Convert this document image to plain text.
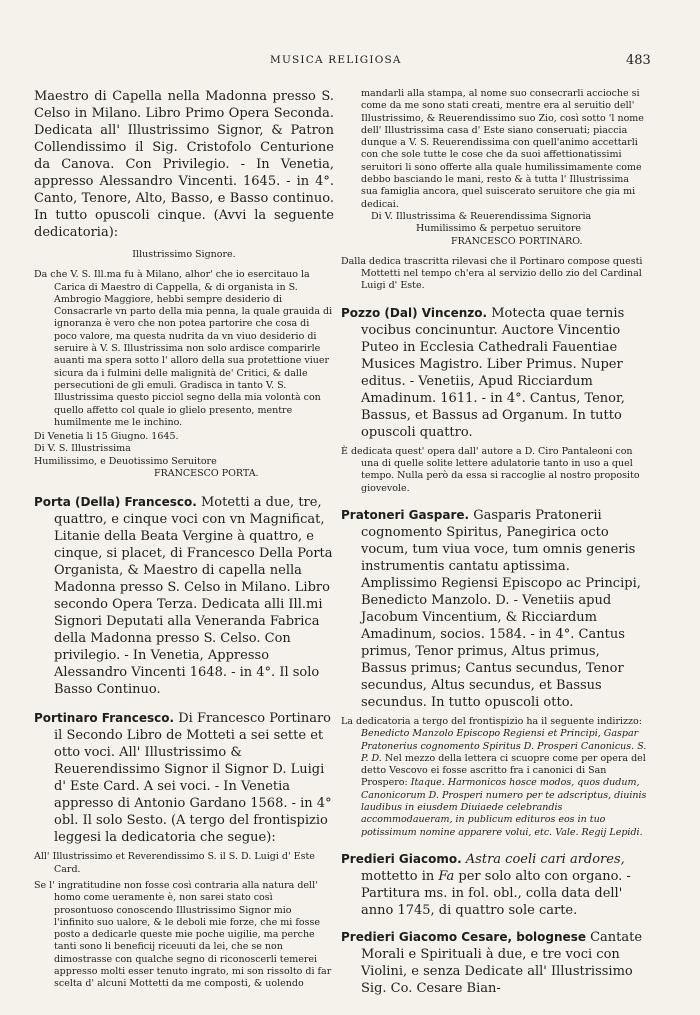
MUSICA RELIGIOSA	483

Maestro di Capella nella Madonna presso S. Celso in Milano. Libro Primo Opera Seconda. Dedicata all' Illustrissimo Signor, & Patron Collendissimo il Sig. Cristofolo Centurione da Canova. Con Privilegio. - In Venetia, appresso Alessandro Vincenti. 1645. - in 4°. Canto, Tenore, Alto, Basso, e Basso continuo. In tutto opuscoli cinque. (Avvi la seguente dedicatoria):

Illustrissimo Signore.

Da che V. S. Ill.ma fu à Milano, alhor' che io esercitauo la Carica di Maestro di Cappella, & di organista in S. Ambrogio Maggiore, hebbi sempre desiderio di Consacrarle vn parto della mia penna, la quale grauida di ignoranza è vero che non potea partorire che cosa di poco valore, ma questa nudrita da vn viuo desiderio di seruire à V. S. Illustrissima non solo ardisce comparirle auanti ma spera sotto l' alloro della sua protettione viuer sicura da i fulmini delle malignità de' Critici, & dalle persecutioni de gli emuli. Gradisca in tanto V. S. Illustrissima questo picciol segno della mia volontà con quello affetto col quale io glielo presento, mentre humilmente me le inchino.

Di Venetia li 15 Giugno. 1645.

Di V. S. Illustrissima

Humilissimo, e Deuotissimo Seruitore

FRANCESCO PORTA.

Porta (Della) Francesco. Motetti a due, tre, quattro, e cinque voci con vn Magnificat, Litanie della Beata Vergine à quattro, e cinque, si placet, di Francesco Della Porta Organista, & Maestro di capella nella Madonna presso S. Celso in Milano. Libro secondo Opera Terza. Dedicata alli Ill.mi Signori Deputati alla Veneranda Fabrica della Madonna presso S. Celso. Con privilegio. - In Venetia, Appresso Alessandro Vincenti 1648. - in 4°. Il solo Basso Continuo.

Portinaro Francesco. Di Francesco Portinaro il Secondo Libro de Motteti a sei sette et otto voci. All' Illustrissimo & Reuerendissimo Signor il Signor D. Luigi d' Este Card. A sei voci. - In Venetia appresso di Antonio Gardano 1568. - in 4° obl. Il solo Sesto. (A tergo del frontispizio leggesi la dedicatoria che segue):

All' Illustrissimo et Reverendissimo S. il S. D. Luigi d' Este Card.

Se l' ingratitudine non fosse così contraria alla natura dell' homo come ueramente è, non sarei stato così prosontuoso conoscendo Illustrissimo Signor mio l'infinito suo ualore, & le deboli mie forze, che mi fosse posto a dedicarle queste mie poche uigilie, ma perche tanti sono li beneficij riceuuti da lei, che se non dimostrasse con qualche segno di riconoscerli temerei appresso molti esser tenuto ingrato, mi son rissolto di far scelta d' alcuni Mottetti da me composti, & uolendo

mandarli alla stampa, al nome suo consecrarli accioche si come da me sono stati creati, mentre era al seruitio dell' Illustrissimo, & Reuerendissimo suo Zio, così sotto 'l nome dell' Illustrissima casa d' Este siano conseruati; piaccia dunque a V. S. Reuerendissima con quell'animo accettarli con che sole tutte le cose che da suoi affettionatissimi seruitori li sono offerte alla quale humilissimamente come debbo basciando le mani, resto & à tutta l' Illustrissima sua famiglia ancora, quel suiscerato seruitore che gia mi dedicai.

Di V. Illustrissima & Reuerendissima Signoria

Humilissimo & perpetuo seruitore

FRANCESCO PORTINARO.

Dalla dedica trascritta rilevasi che il Portinaro compose questi Mottetti nel tempo ch'era al servizio dello zio del Cardinal Luigi d' Este.

Pozzo (Dal) Vincenzo. Motecta quae ternis vocibus concinuntur. Auctore Vincentio Puteo in Ecclesia Cathedrali Fauentiae Musices Magistro. Liber Primus. Nuper editus. - Venetiis, Apud Ricciardum Amadinum. 1611. - in 4°. Cantus, Tenor, Bassus, et Bassus ad Organum. In tutto opuscoli quattro.

È dedicata quest' opera dall' autore a D. Ciro Pantaleoni con una di quelle solite lettere adulatorie tanto in uso a quel tempo. Nulla però da essa si raccoglie al nostro proposito giovevole.

Pratoneri Gaspare. Gasparis Pratonerii cognomento Spiritus, Panegirica octo vocum, tum viua voce, tum omnis generis instrumentis cantatu aptissima. Amplissimo Regiensi Episcopo ac Principi, Benedicto Manzolo. D. - Venetiis apud Jacobum Vincentium, & Ricciardum Amadinum, socios. 1584. - in 4°. Cantus primus, Tenor primus, Altus primus, Bassus primus; Cantus secundus, Tenor secundus, Altus secundus, et Bassus secundus. In tutto opuscoli otto.

La dedicatoria a tergo del frontispizio ha il seguente indirizzo: Benedicto Manzolo Episcopo Regiensi et Principi, Gaspar Pratonerius cognomento Spiritus D. Prosperi Canonicus. S. P. D. Nel mezzo della lettera ci scuopre come per opera del detto Vescovo ei fosse ascritto fra i canonici di San Prospero: Itaque. Harmonicos hosce modos, quos dudum, Canonicorum D. Prosperi numero per te adscriptus, diuinis laudibus in eiusdem Diuiaede celebrandis accommodaueram, in publicum edituros eos in tuo potissimum nomine apparere volui, etc. Vale. Regij Lepidi.

Predieri Giacomo. Astra coeli cari ardores, mottetto in Fa per solo alto con organo. - Partitura ms. in fol. obl., colla data dell' anno 1745, di quattro sole carte.

Predieri Giacomo Cesare, bolognese Cantate Morali e Spirituali à due, e tre voci con Violini, e senza Dedicate all' Illustrissimo Sig. Co. Cesare Bian-
